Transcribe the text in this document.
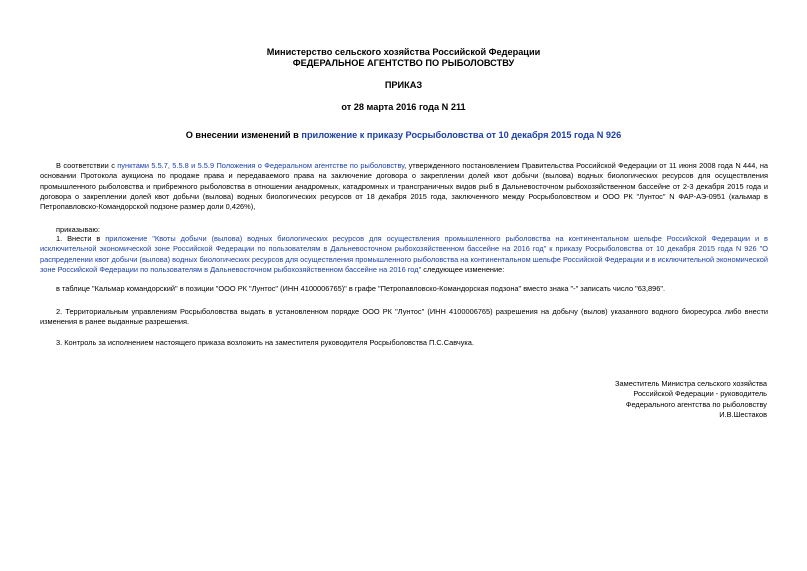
Министерство сельского хозяйства Российской Федерации
ФЕДЕРАЛЬНОЕ АГЕНТСТВО ПО РЫБОЛОВСТВУ
ПРИКАЗ
от 28 марта 2016 года N 211
О внесении изменений в приложение к приказу Росрыболовства от 10 декабря 2015 года N 926
В соответствии с пунктами 5.5.7, 5.5.8 и 5.5.9 Положения о Федеральном агентстве по рыболовству, утвержденного постановлением Правительства Российской Федерации от 11 июня 2008 года N 444, на основании Протокола аукциона по продаже права и передаваемого права на заключение договора о закреплении долей квот добычи (вылова) водных биологических ресурсов для осуществления промышленного рыболовства и прибрежного рыболовства в отношении анадромных, катадромных и трансграничных видов рыб в Дальневосточном рыбохозяйственном бассейне от 2-3 декабря 2015 года и договора о закреплении долей квот добычи (вылова) водных биологических ресурсов от 18 декабря 2015 года, заключенного между Росрыболовством и ООО РК "Лунтос" N ФАР-АЭ-0951 (кальмар в Петропавловско-Командорской подзоне размер доли 0,426%),
приказываю:
1. Внести в приложение "Квоты добычи (вылова) водных биологических ресурсов для осуществления промышленного рыболовства на континентальном шельфе Российской Федерации и в исключительной экономической зоне Российской Федерации по пользователям в Дальневосточном рыбохозяйственном бассейне на 2016 год" к приказу Росрыболовства от 10 декабря 2015 года N 926 "О распределении квот добычи (вылова) водных биологических ресурсов для осуществления промышленного рыболовства на континентальном шельфе Российской Федерации и в исключительной экономической зоне Российской Федерации по пользователям в Дальневосточном рыбохозяйственном бассейне на 2016 год" следующее изменение:
в таблице "Кальмар командорский" в позиции "ООО РК "Лунтос" (ИНН 4100006765)" в графе "Петропавловско-Командорская подзона" вместо знака "-" записать число "63,896".
2. Территориальным управлениям Росрыболовства выдать в установленном порядке ООО РК "Лунтос" (ИНН 4100006765) разрешения на добычу (вылов) указанного водного биоресурса либо внести изменения в ранее выданные разрешения.
3. Контроль за исполнением настоящего приказа возложить на заместителя руководителя Росрыболовства П.С.Савчука.
Заместитель Министра сельского хозяйства
Российской Федерации - руководитель
Федерального агентства по рыболовству
И.В.Шестаков
